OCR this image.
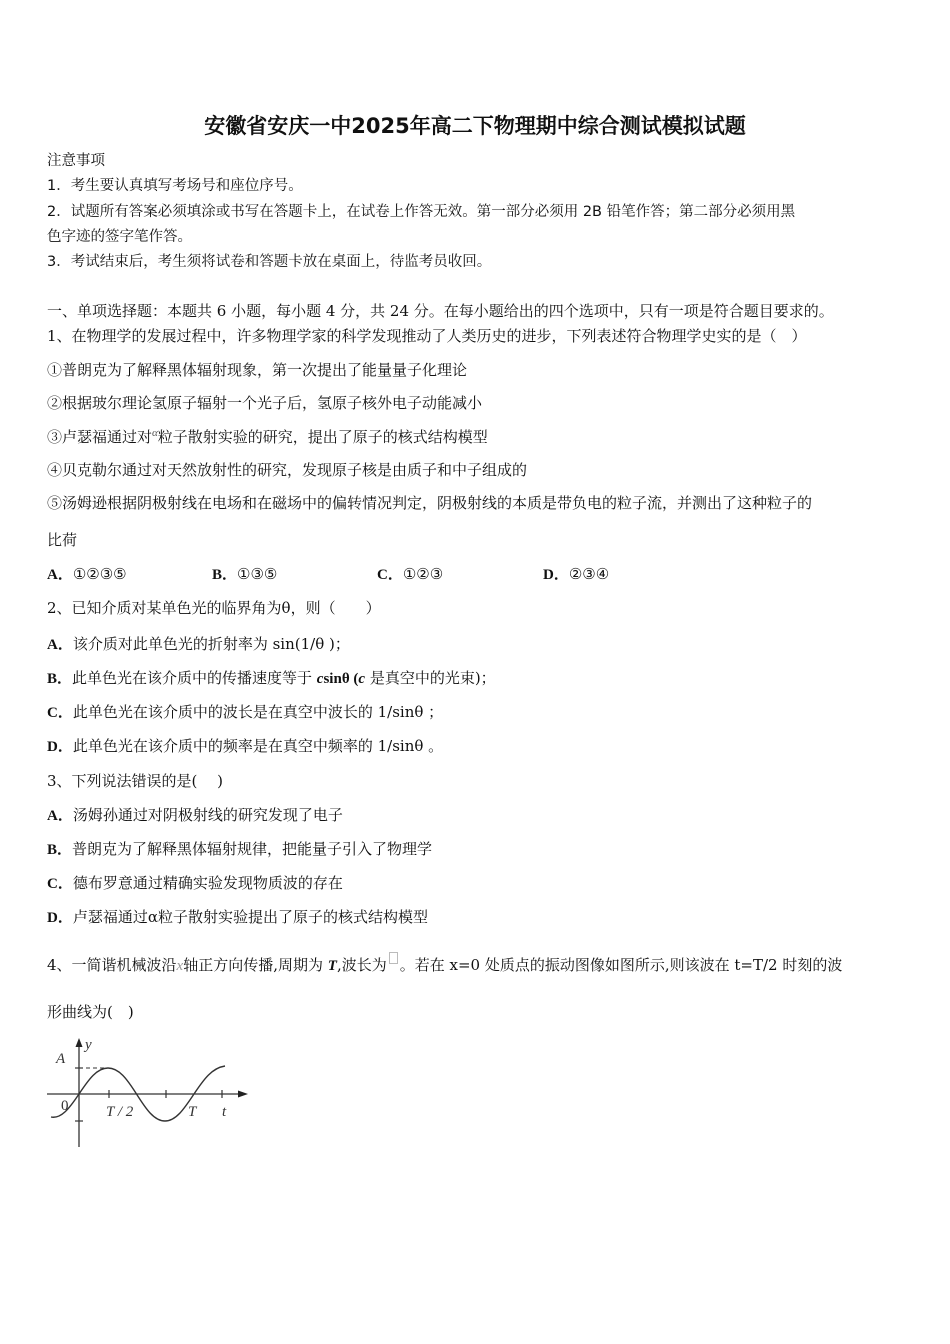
安徽省安庆一中2025年高二下物理期中综合测试模拟试题
注意事项
1．考生要认真填写考场号和座位序号。
2．试题所有答案必须填涂或书写在答题卡上，在试卷上作答无效。第一部分必须用 2B 铅笔作答；第二部分必须用黑
色字迹的签字笔作答。
3．考试结束后，考生须将试卷和答题卡放在桌面上，待监考员收回。
一、单项选择题：本题共 6 小题，每小题 4 分，共 24 分。在每小题给出的四个选项中，只有一项是符合题目要求的。
1、在物理学的发展过程中，许多物理学家的科学发现推动了人类历史的进步，下列表述符合物理学史实的是（　）
①普朗克为了解释黑体辐射现象，第一次提出了能量量子化理论
②根据玻尔理论氢原子辐射一个光子后，氢原子核外电子动能减小
③卢瑟福通过对$^\alpha$粒子散射实验的研究，提出了原子的核式结构模型
④贝克勒尔通过对天然放射性的研究，发现原子核是由质子和中子组成的
⑤汤姆逊根据阴极射线在电场和在磁场中的偏转情况判定，阴极射线的本质是带负电的粒子流，并测出了这种粒子的
比荷
A．①②③⑤	B．①③⑤	C．①②③	D．②③④
2、已知介质对某单色光的临界角为θ，则（　　）
A．该介质对此单色光的折射率为 sin(1/θ )；
B．此单色光在该介质中的传播速度等于 csinθ (c 是真空中的光束)；
C．此单色光在该介质中的波长是在真空中波长的 1/sinθ ；
D．此单色光在该介质中的频率是在真空中频率的 1/sinθ 。
3、下列说法错误的是(　 )
A．汤姆孙通过对阴极射线的研究发现了电子
B．普朗克为了解释黑体辐射规律，把能量子引入了物理学
C．德布罗意通过精确实验发现物质波的存在
D．卢瑟福通过α粒子散射实验提出了原子的核式结构模型
4、一简谐机械波沿x轴正方向传播,周期为 T,波长为 。若在 x=0 处质点的振动图像如图所示,则该波在 t=T/2 时刻的波
形曲线为(　)
y
A
0	T / 2	T t
